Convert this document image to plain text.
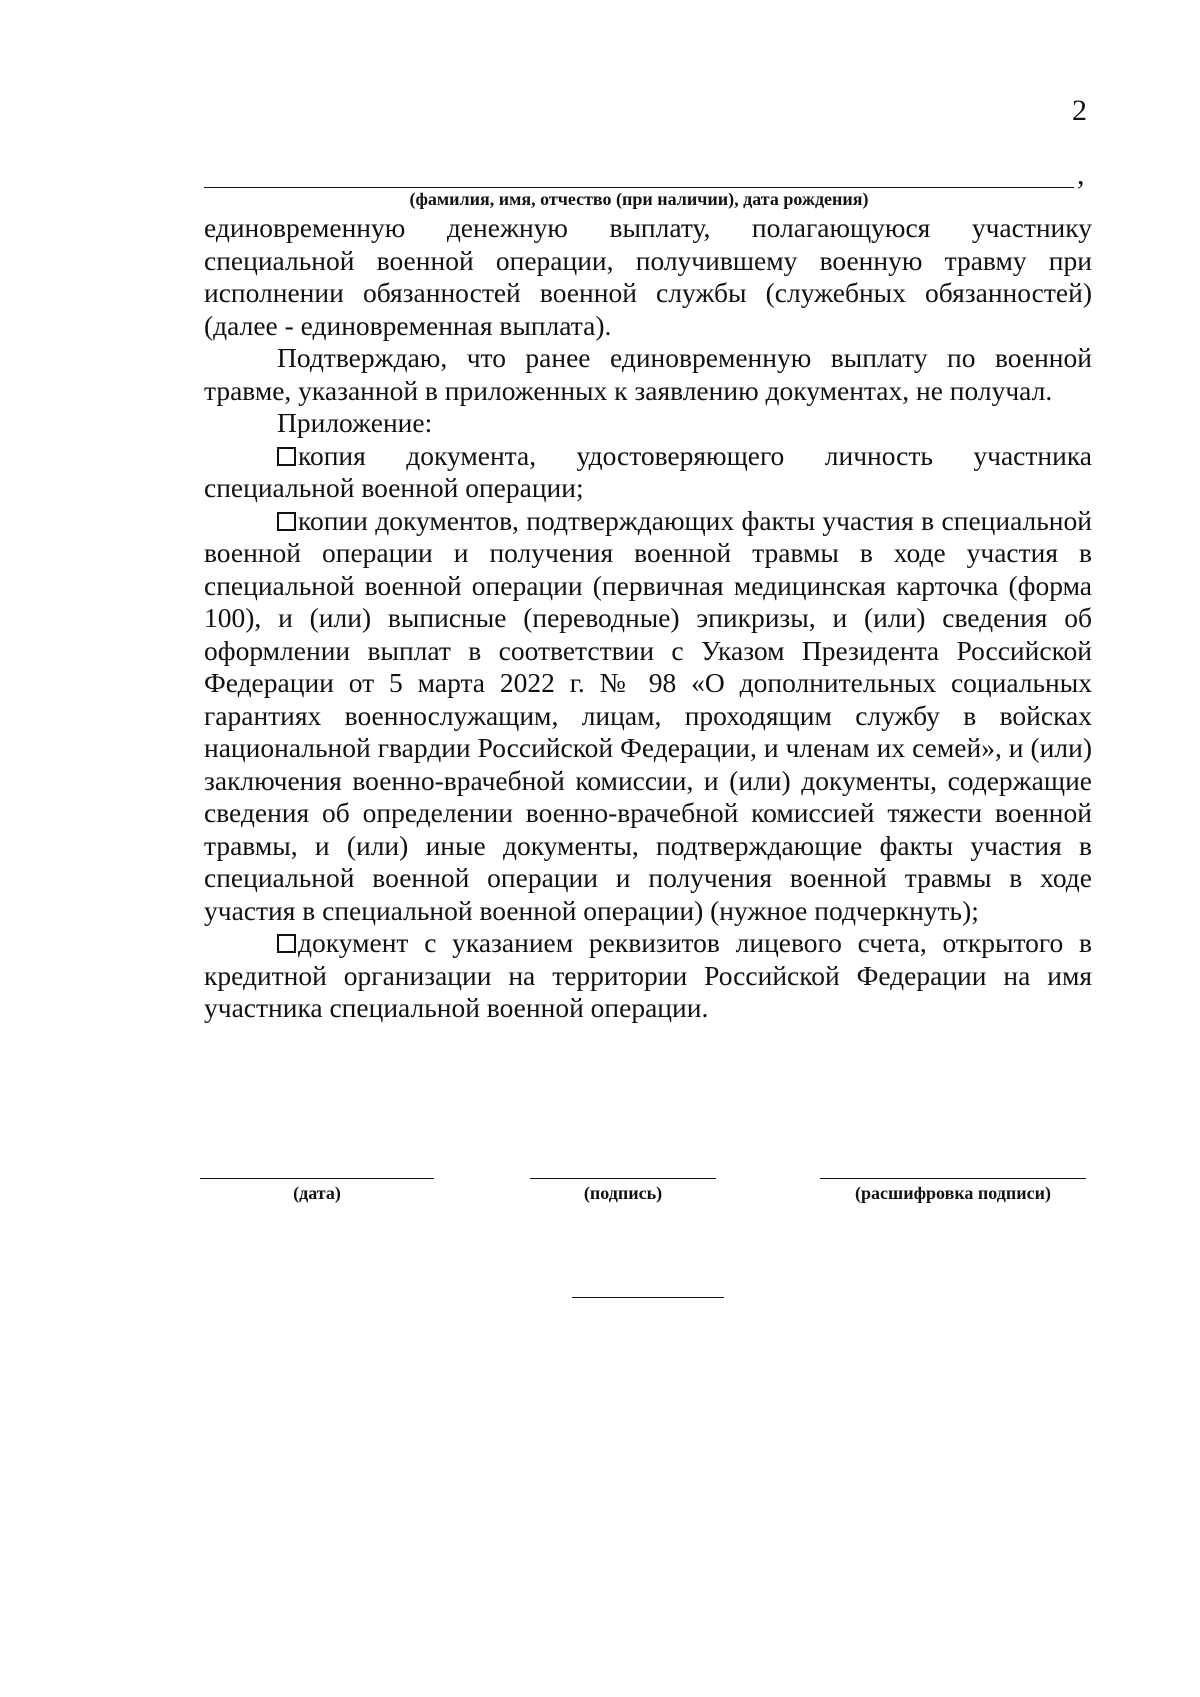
2
,
(фамилия, имя, отчество (при наличии), дата рождения)

единовременную денежную выплату, полагающуюся участнику специальной военной операции, получившему военную травму при исполнении обязанностей военной службы (служебных обязанностей) (далее - единовременная выплата).

Подтверждаю, что ранее единовременную выплату по военной травме, указанной в приложенных к заявлению документах, не получал.

Приложение:

копия документа, удостоверяющего личность участника специальной военной операции;

копии документов, подтверждающих факты участия в специальной военной операции и получения военной травмы в ходе участия в специальной военной операции (первичная медицинская карточка (форма 100), и (или) выписные (переводные) эпикризы, и (или) сведения об оформлении выплат в соответствии с Указом Президента Российской Федерации от 5 марта 2022 г. № 98 «О дополнительных социальных гарантиях военнослужащим, лицам, проходящим службу в войсках национальной гвардии Российской Федерации, и членам их семей», и (или) заключения военно-врачебной комиссии, и (или) документы, содержащие сведения об определении военно-врачебной комиссией тяжести военной травмы, и (или) иные документы, подтверждающие факты участия в специальной военной операции и получения военной травмы в ходе участия в специальной военной операции) (нужное подчеркнуть);

документ с указанием реквизитов лицевого счета, открытого в кредитной организации на территории Российской Федерации на имя участника специальной военной операции.

(дата)	(подпись)	(расшифровка подписи)
